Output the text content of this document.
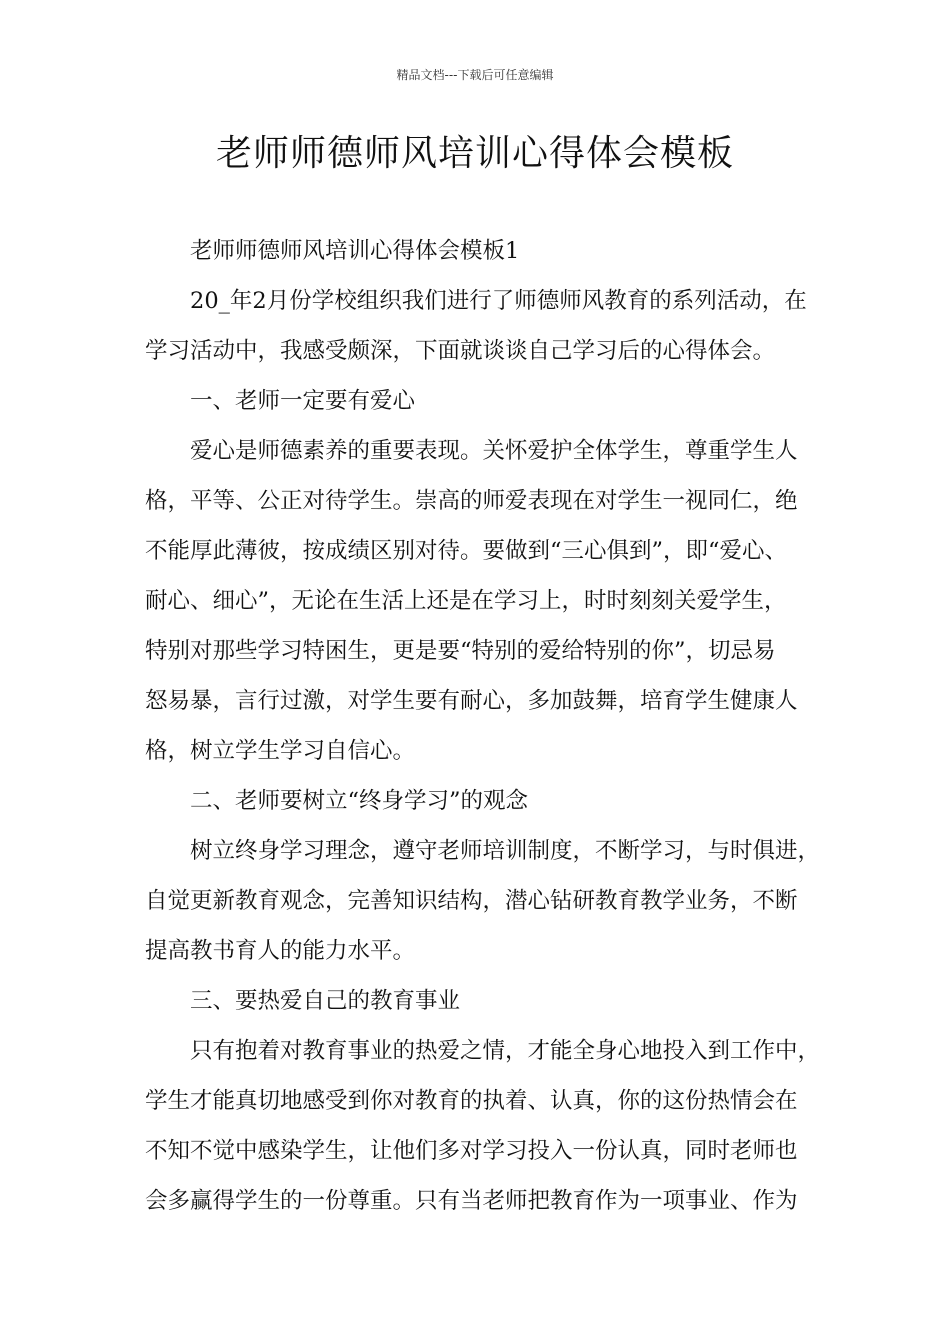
精品文档---下载后可任意编辑
老师师德师风培训心得体会模板
老师师德师风培训心得体会模板1
20_年2月份学校组织我们进行了师德师风教育的系列活动，在
学习活动中，我感受颇深，下面就谈谈自己学习后的心得体会。
一、老师一定要有爱心
爱心是师德素养的重要表现。关怀爱护全体学生，尊重学生人
格，平等、公正对待学生。崇高的师爱表现在对学生一视同仁，绝
不能厚此薄彼，按成绩区别对待。要做到“三心俱到”，即“爱心、
耐心、细心”，无论在生活上还是在学习上，时时刻刻关爱学生，
特别对那些学习特困生，更是要“特别的爱给特别的你”，切忌易
怒易暴，言行过激，对学生要有耐心，多加鼓舞，培育学生健康人
格，树立学生学习自信心。
二、老师要树立“终身学习”的观念
树立终身学习理念，遵守老师培训制度，不断学习，与时俱进，
自觉更新教育观念，完善知识结构，潜心钻研教育教学业务，不断
提高教书育人的能力水平。
三、要热爱自己的教育事业
只有抱着对教育事业的热爱之情，才能全身心地投入到工作中，
学生才能真切地感受到你对教育的执着、认真，你的这份热情会在
不知不觉中感染学生，让他们多对学习投入一份认真，同时老师也
会多赢得学生的一份尊重。只有当老师把教育作为一项事业、作为
